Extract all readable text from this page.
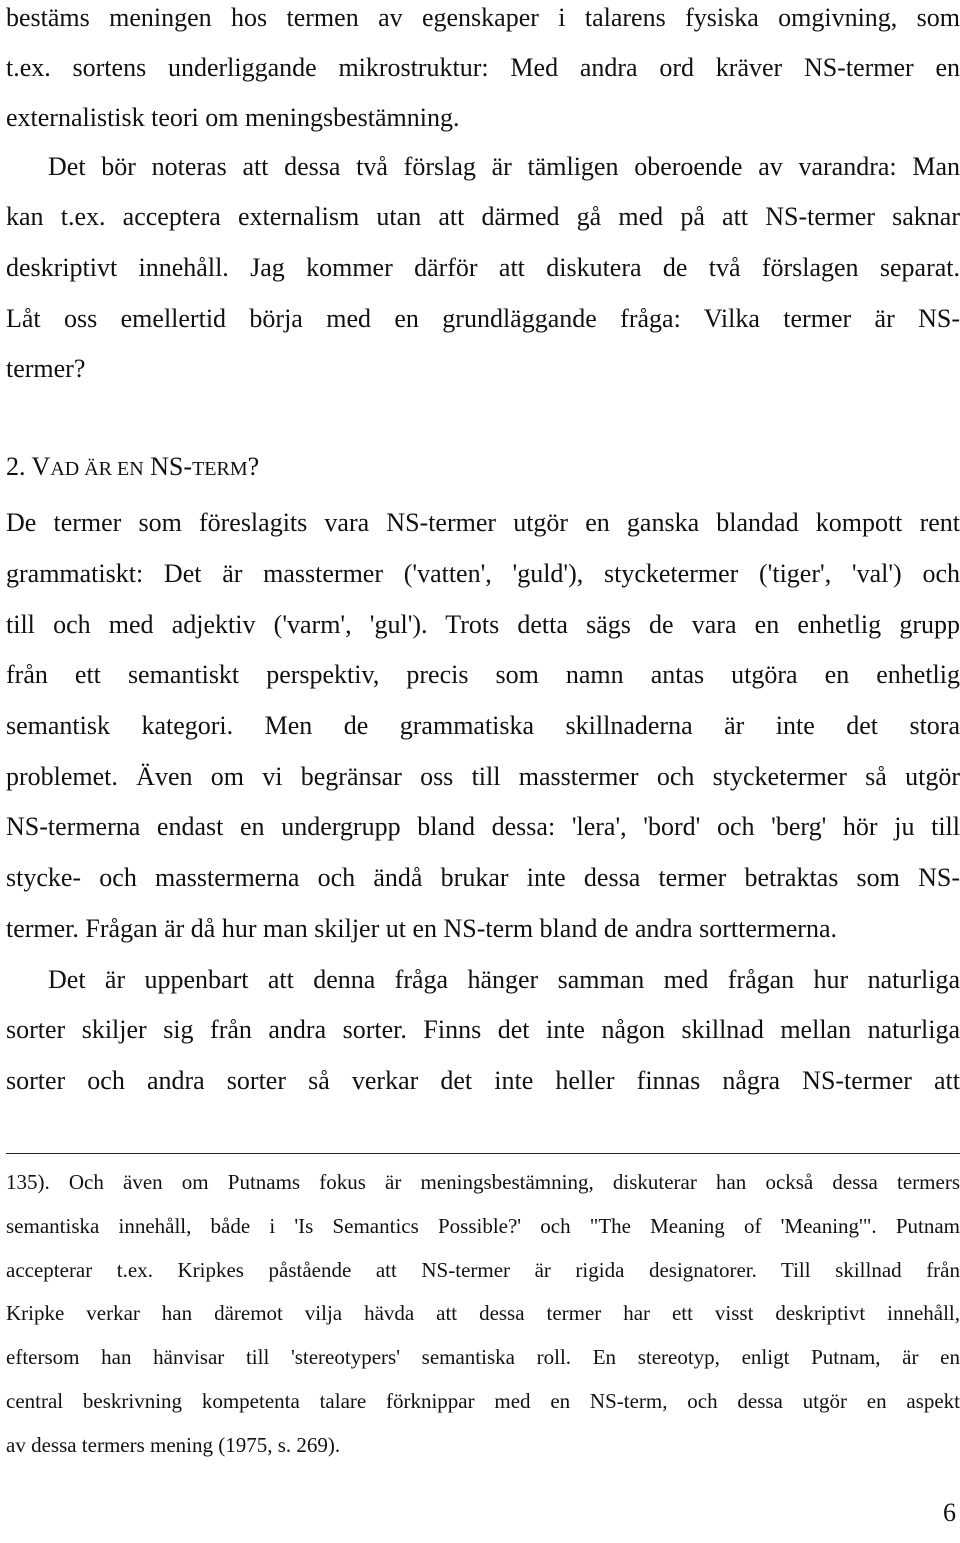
bestäms meningen hos termen av egenskaper i talarens fysiska omgivning, som
t.ex. sortens underliggande mikrostruktur: Med andra ord kräver NS-termer en
externalistisk teori om meningsbestämning.
Det bör noteras att dessa två förslag är tämligen oberoende av varandra: Man
kan t.ex. acceptera externalism utan att därmed gå med på att NS-termer saknar
deskriptivt innehåll. Jag kommer därför att diskutera de två förslagen separat.
Låt oss emellertid börja med en grundläggande fråga: Vilka termer är NS-
termer?
2. VAD ÄR EN NS-TERM?
De termer som föreslagits vara NS-termer utgör en ganska blandad kompott rent
grammatiskt: Det är masstermer ('vatten', 'guld'), stycketermer ('tiger', 'val') och
till och med adjektiv ('varm', 'gul'). Trots detta sägs de vara en enhetlig grupp
från ett semantiskt perspektiv, precis som namn antas utgöra en enhetlig
semantisk kategori. Men de grammatiska skillnaderna är inte det stora
problemet. Även om vi begränsar oss till masstermer och stycketermer så utgör
NS-termerna endast en undergrupp bland dessa: 'lera', 'bord' och 'berg' hör ju till
stycke- och masstermerna och ändå brukar inte dessa termer betraktas som NS-
termer. Frågan är då hur man skiljer ut en NS-term bland de andra sorttermerna.
Det är uppenbart att denna fråga hänger samman med frågan hur naturliga
sorter skiljer sig från andra sorter. Finns det inte någon skillnad mellan naturliga
sorter och andra sorter så verkar det inte heller finnas några NS-termer att
135). Och även om Putnams fokus är meningsbestämning, diskuterar han också dessa termers
semantiska innehåll, både i 'Is Semantics Possible?' och "The Meaning of 'Meaning'". Putnam
accepterar t.ex. Kripkes påstående att NS-termer är rigida designatorer. Till skillnad från
Kripke verkar han däremot vilja hävda att dessa termer har ett visst deskriptivt innehåll,
eftersom han hänvisar till 'stereotypers' semantiska roll. En stereotyp, enligt Putnam, är en
central beskrivning kompetenta talare förknippar med en NS-term, och dessa utgör en aspekt
av dessa termers mening (1975, s. 269).
6
